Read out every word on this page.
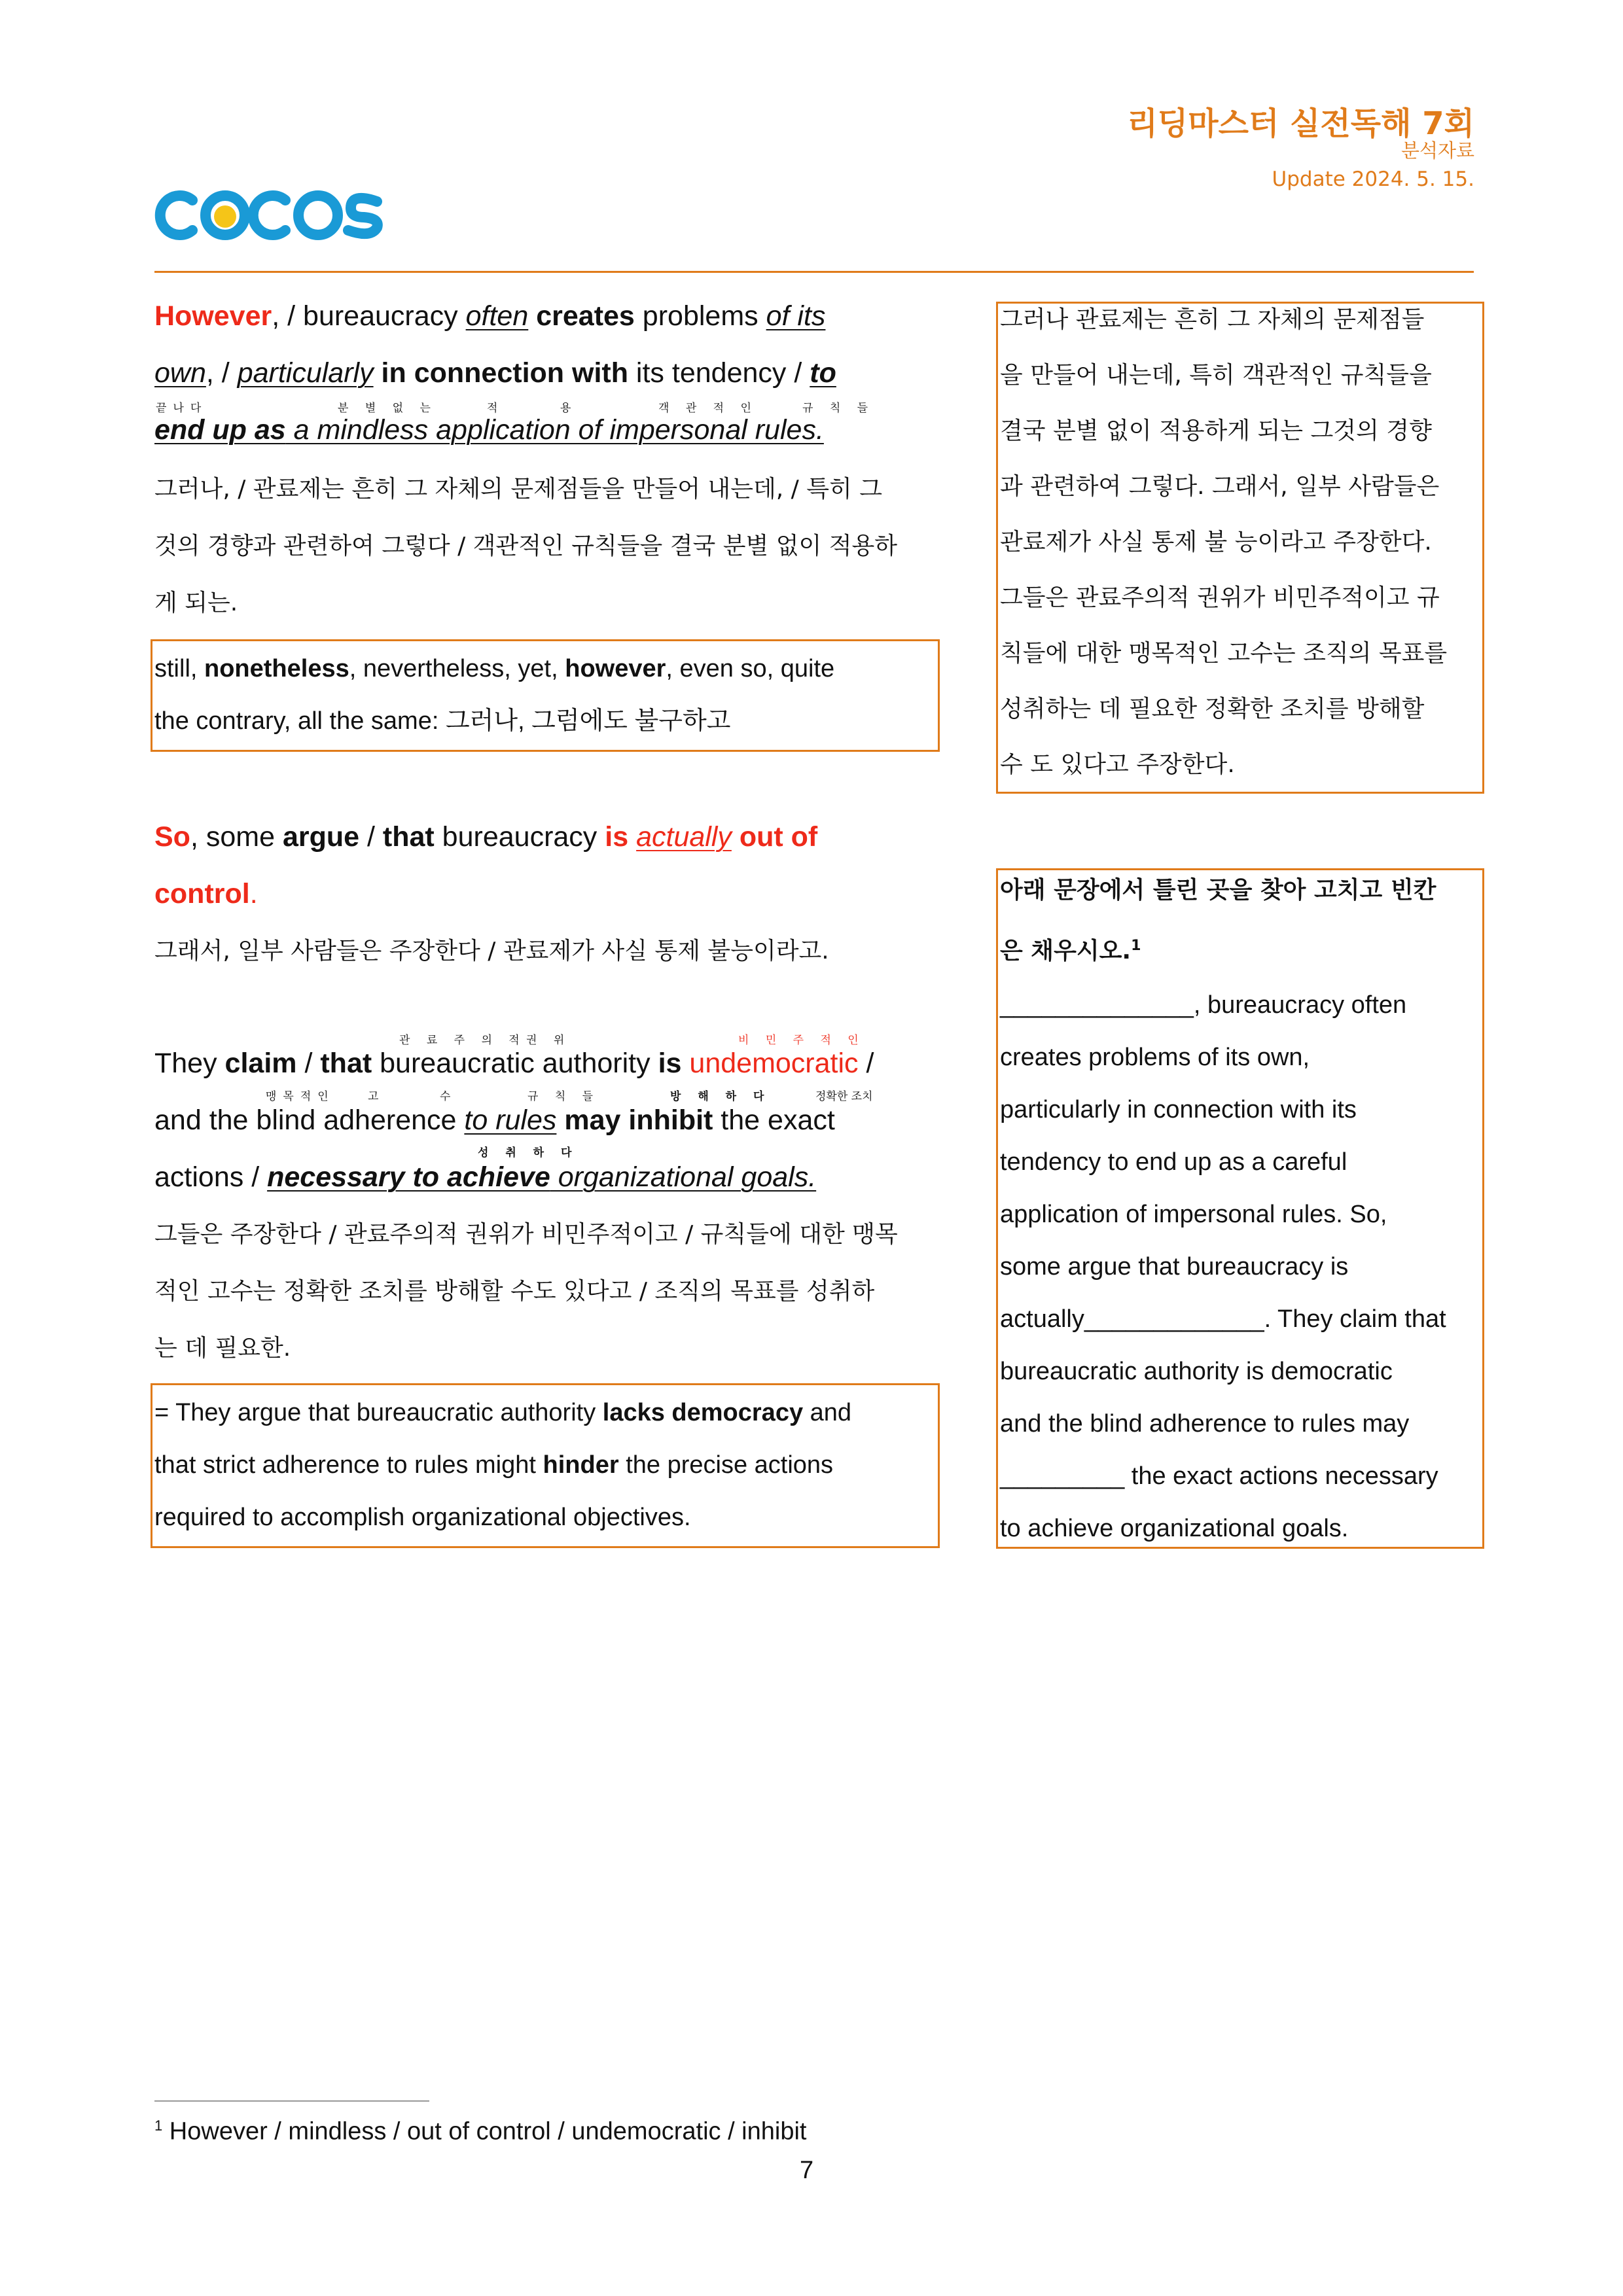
리딩마스터 실전독해 7회
분석자료
Update 2024. 5. 15.
However, / bureaucracy often creates problems of its
own, / particularly in connection with its tendency / to
끝나다	분 별 없 는	적	용	객 관 적 인	규 칙 들
end up as a mindless application of impersonal rules.
그러나, / 관료제는 흔히 그 자체의 문제점들을 만들어 내는데, / 특히 그
것의 경향과 관련하여 그렇다 / 객관적인 규칙들을 결국 분별 없이 적용하
게 되는.
still, nonetheless, nevertheless, yet, however, even so, quite
the contrary, all the same: 그러나, 그럼에도 불구하고
So, some argue / that bureaucracy is actually out of
control.
그래서, 일부 사람들은 주장한다 / 관료제가 사실 통제 불능이라고.
관 료 주 의 적 권 위	비 민 주 적 인
They claim / that bureaucratic authority is undemocratic /
맹목적인	고	수	규 칙 들	방 해 하 다	정확한 조치
and the blind adherence to rules may inhibit the exact
성 취 하 다
actions / necessary to achieve organizational goals.
그들은 주장한다 / 관료주의적 권위가 비민주적이고 / 규칙들에 대한 맹목
적인 고수는 정확한 조치를 방해할 수도 있다고 / 조직의 목표를 성취하
는 데 필요한.
= They argue that bureaucratic authority lacks democracy and
that strict adherence to rules might hinder the precise actions
required to accomplish organizational objectives.
그러나 관료제는 흔히 그 자체의 문제점들
을 만들어 내는데, 특히 객관적인 규칙들을
결국 분별 없이 적용하게 되는 그것의 경향
과 관련하여 그렇다. 그래서, 일부 사람들은
관료제가 사실 통제 불 능이라고 주장한다.
그들은 관료주의적 권위가 비민주적이고 규
칙들에 대한 맹목적인 고수는 조직의 목표를
성취하는 데 필요한 정확한 조치를 방해할
수 도 있다고 주장한다.
아래 문장에서 틀린 곳을 찾아 고치고 빈칸
은 채우시오.$^1$
______________, bureaucracy often
creates problems of its own,
particularly in connection with its
tendency to end up as a careful
application of impersonal rules. So,
some argue that bureaucracy is
actually_____________. They claim that
bureaucratic authority is democratic
and the blind adherence to rules may
_________ the exact actions necessary
to achieve organizational goals.
$^1$ However / mindless / out of control / undemocratic / inhibit
7
